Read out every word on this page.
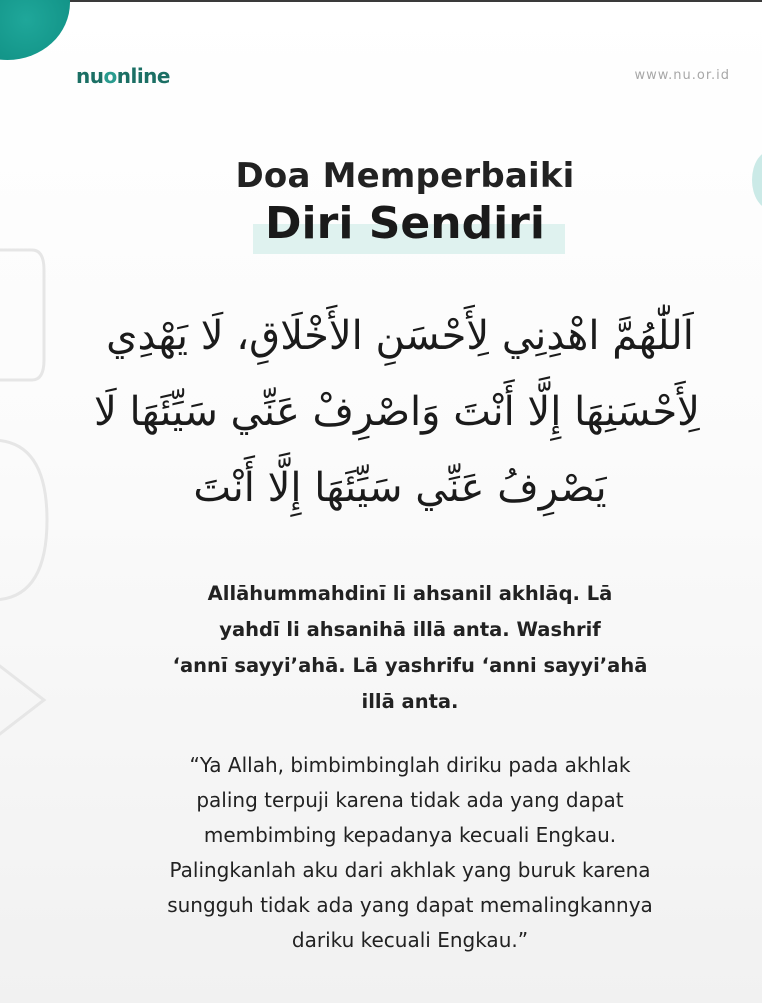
nuonline	www.nu.or.id
Doa Memperbaiki
Diri Sendiri
اَللّٰهُمَّ اهْدِنِي لِأَحْسَنِ الأَخْلَاقِ، لَا يَهْدِي
لِأَحْسَنِهَا إِلَّا أَنْتَ وَاصْرِفْ عَنِّي سَيِّئَهَا لَا
يَصْرِفُ عَنِّي سَيِّئَهَا إِلَّا أَنْتَ
Allāhummahdinī li ahsanil akhlāq. Lā
yahdī li ahsanihā illā anta. Washrif
‘annī sayyi’ahā. Lā yashrifu ‘anni sayyi’ahā
illā anta.
“Ya Allah, bimbimbinglah diriku pada akhlak
paling terpuji karena tidak ada yang dapat
membimbing kepadanya kecuali Engkau.
Palingkanlah aku dari akhlak yang buruk karena
sungguh tidak ada yang dapat memalingkannya
dariku kecuali Engkau.”
